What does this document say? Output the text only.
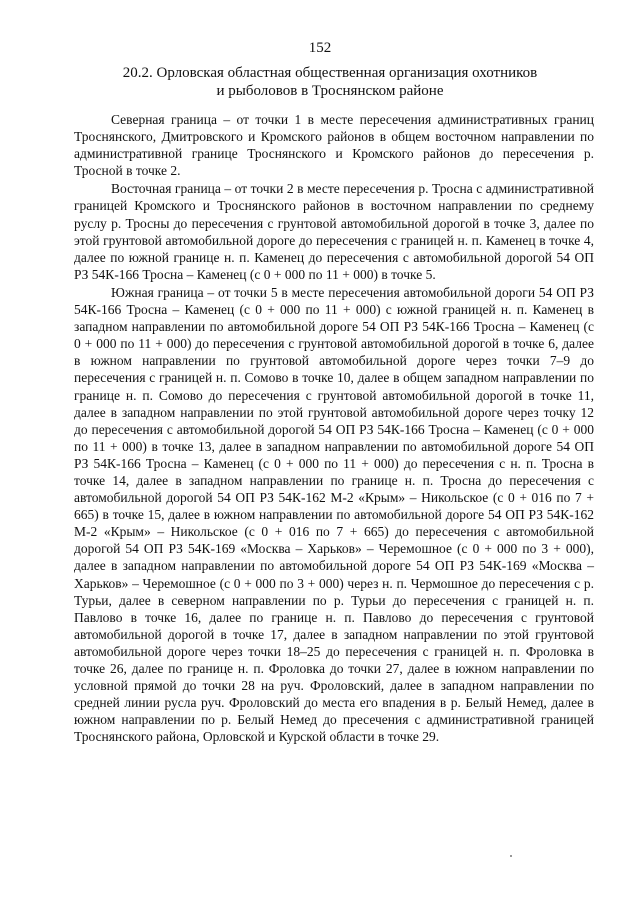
152
20.2. Орловская областная общественная организация охотников
и рыболовов в Троснянском районе

Северная граница – от точки 1 в месте пересечения административных границ Троснянского, Дмитровского и Кромского районов в общем восточном направлении по административной границе Троснянского и Кромского районов до пересечения р. Тросной в точке 2.

Восточная граница – от точки 2 в месте пересечения р. Тросна с административной границей Кромского и Троснянского районов в восточном направлении по среднему руслу р. Тросны до пересечения с грунтовой автомобильной дорогой в точке 3, далее по этой грунтовой автомобильной дороге до пересечения с границей н. п. Каменец в точке 4, далее по южной границе н. п. Каменец до пересечения с автомобильной дорогой 54 ОП РЗ 54К-166 Тросна – Каменец (с 0 + 000 по 11 + 000) в точке 5.

Южная граница – от точки 5 в месте пересечения автомобильной дороги 54 ОП РЗ 54К-166 Тросна – Каменец (с 0 + 000 по 11 + 000) с южной границей н. п. Каменец в западном направлении по автомобильной дороге 54 ОП РЗ 54К-166 Тросна – Каменец (с 0 + 000 по 11 + 000) до пересечения с грунтовой автомобильной дорогой в точке 6, далее в южном направлении по грунтовой автомобильной дороге через точки 7–9 до пересечения с границей н. п. Сомово в точке 10, далее в общем западном направлении по границе н. п. Сомово до пересечения с грунтовой автомобильной дорогой в точке 11, далее в западном направлении по этой грунтовой автомобильной дороге через точку 12 до пересечения с автомобильной дорогой 54 ОП РЗ 54К-166 Тросна – Каменец (с 0 + 000 по 11 + 000) в точке 13, далее в западном направлении по автомобильной дороге 54 ОП РЗ 54К-166 Тросна – Каменец (с 0 + 000 по 11 + 000) до пересечения с н. п. Тросна в точке 14, далее в западном направлении по границе н. п. Тросна до пересечения с автомобильной дорогой 54 ОП РЗ 54К-162 М-2 «Крым» – Никольское (с 0 + 016 по 7 + 665) в точке 15, далее в южном направлении по автомобильной дороге 54 ОП РЗ 54К-162 М-2 «Крым» – Никольское (с 0 + 016 по 7 + 665) до пересечения с автомобильной дорогой 54 ОП РЗ 54К-169 «Москва – Харьков» – Черемошное (с 0 + 000 по 3 + 000), далее в западном направлении по автомобильной дороге 54 ОП РЗ 54К-169 «Москва – Харьков» – Черемошное (с 0 + 000 по 3 + 000) через н. п. Чермошное до пересечения с р. Турьи, далее в северном направлении по р. Турьи до пересечения с границей н. п. Павлово в точке 16, далее по границе н. п. Павлово до пересечения с грунтовой автомобильной дорогой в точке 17, далее в западном направлении по этой грунтовой автомобильной дороге через точки 18–25 до пересечения с границей н. п. Фроловка в точке 26, далее по границе н. п. Фроловка до точки 27, далее в южном направлении по условной прямой до точки 28 на руч. Фроловский, далее в западном направлении по средней линии русла руч. Фроловский до места его впадения в р. Белый Немед, далее в южном направлении по р. Белый Немед до пресечения с административной границей Троснянского района, Орловской и Курской области в точке 29.
